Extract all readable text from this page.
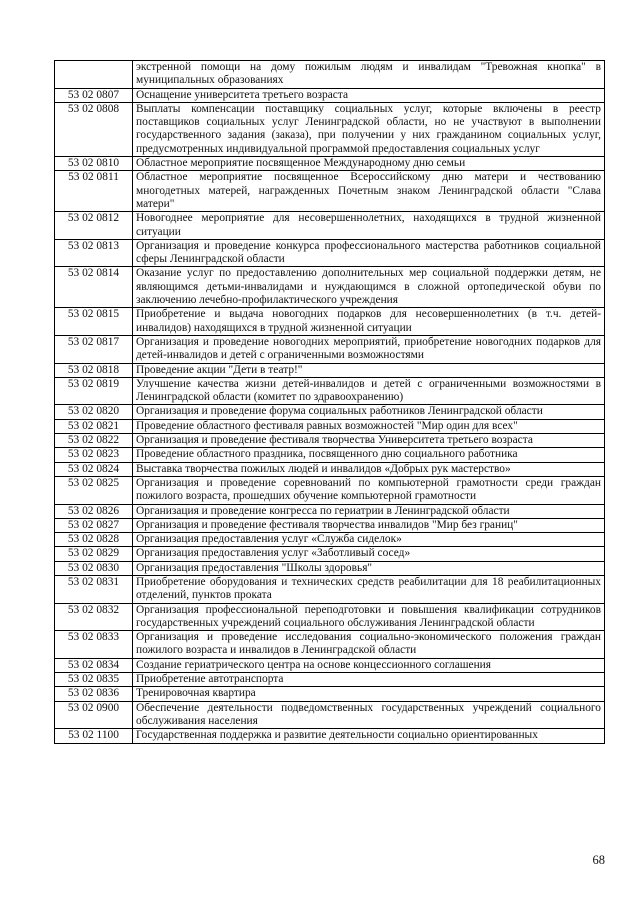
	экстренной помощи на дому пожилым людям и инвалидам "Тревожная кнопка" в муниципальных образованиях
53 02 0807	Оснащение университета третьего возраста
53 02 0808	Выплаты компенсации поставщику социальных услуг, которые включены в реестр поставщиков социальных услуг Ленинградской области, но не участвуют в выполнении государственного задания (заказа), при получении у них гражданином социальных услуг, предусмотренных индивидуальной программой предоставления социальных услуг
53 02 0810	Областное мероприятие посвященное Международному дню семьи
53 02 0811	Областное мероприятие посвященное Всероссийскому дню матери и чествованию многодетных матерей, награжденных Почетным знаком Ленинградской области "Слава матери"
53 02 0812	Новогоднее мероприятие для несовершеннолетних, находящихся в трудной жизненной ситуации
53 02 0813	Организация и проведение конкурса профессионального мастерства работников социальной сферы Ленинградской области
53 02 0814	Оказание услуг по предоставлению дополнительных мер социальной поддержки детям, не являющимся детьми-инвалидами и нуждающимся в сложной ортопедической обуви по заключению лечебно-профилактического учреждения
53 02 0815	Приобретение и выдача новогодних подарков для несовершеннолетних (в т.ч. детей-инвалидов) находящихся в трудной жизненной ситуации
53 02 0817	Организация и проведение новогодних мероприятий, приобретение новогодних подарков для детей-инвалидов и детей с ограниченными возможностями
53 02 0818	Проведение акции "Дети в театр!"
53 02 0819	Улучшение качества жизни детей-инвалидов и детей с ограниченными возможностями в Ленинградской области (комитет по здравоохранению)
53 02 0820	Организация и проведение форума социальных работников Ленинградской области
53 02 0821	Проведение областного фестиваля равных возможностей "Мир один для всех"
53 02 0822	Организация и проведение фестиваля творчества Университета третьего возраста
53 02 0823	Проведение областного праздника, посвященного дню социального работника
53 02 0824	Выставка творчества пожилых людей и инвалидов «Добрых рук мастерство»
53 02 0825	Организация и проведение соревнований по компьютерной грамотности среди граждан пожилого возраста, прошедших обучение компьютерной грамотности
53 02 0826	Организация и проведение конгресса по гериатрии в Ленинградской области
53 02 0827	Организация и проведение фестиваля творчества инвалидов "Мир без границ"
53 02 0828	Организация предоставления услуг «Служба сиделок»
53 02 0829	Организация предоставления услуг «Заботливый сосед»
53 02 0830	Организация предоставления "Школы здоровья"
53 02 0831	Приобретение оборудования и технических средств реабилитации для 18 реабилитационных отделений, пунктов проката
53 02 0832	Организация профессиональной переподготовки и повышения квалификации сотрудников государственных учреждений социального обслуживания Ленинградской области
53 02 0833	Организация и проведение исследования социально-экономического положения граждан пожилого возраста и инвалидов в Ленинградской области
53 02 0834	Создание гериатрического центра на основе концессионного соглашения
53 02 0835	Приобретение автотранспорта
53 02 0836	Тренировочная квартира
53 02 0900	Обеспечение деятельности подведомственных государственных учреждений социального обслуживания населения
53 02 1100	Государственная поддержка и развитие деятельности социально ориентированных
68
